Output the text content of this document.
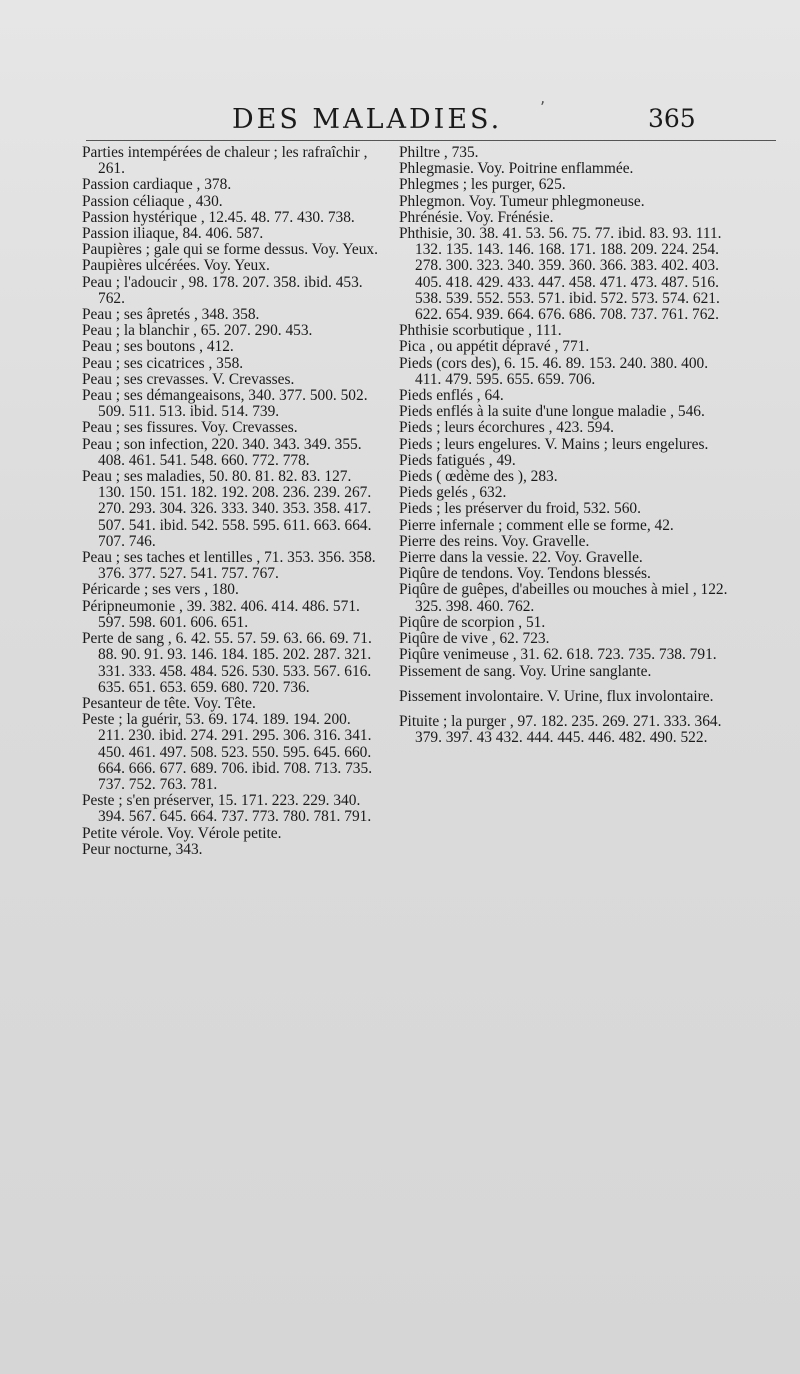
‚
DES MALADIES.	365

Parties intempérées de chaleur ; les rafraîchir , 261.

Passion cardiaque , 378.

Passion céliaque , 430.

Passion hystérique , 12.45. 48. 77. 430. 738.

Passion iliaque, 84. 406. 587.

Paupières ; gale qui se forme dessus. Voy. Yeux.

Paupières ulcérées. Voy. Yeux.

Peau ; l'adoucir , 98. 178. 207. 358. ibid. 453. 762.

Peau ; ses âpretés , 348. 358.

Peau ; la blanchir , 65. 207. 290. 453.

Peau ; ses boutons , 412.

Peau ; ses cicatrices , 358.

Peau ; ses crevasses. V. Crevasses.

Peau ; ses démangeaisons, 340. 377. 500. 502. 509. 511. 513. ibid. 514. 739.

Peau ; ses fissures. Voy. Crevasses.

Peau ; son infection, 220. 340. 343. 349. 355. 408. 461. 541. 548. 660. 772. 778.

Peau ; ses maladies, 50. 80. 81. 82. 83. 127. 130. 150. 151. 182. 192. 208. 236. 239. 267. 270. 293. 304. 326. 333. 340. 353. 358. 417. 507. 541. ibid. 542. 558. 595. 611. 663. 664. 707. 746.

Peau ; ses taches et lentilles , 71. 353. 356. 358. 376. 377. 527. 541. 757. 767.

Péricarde ; ses vers , 180.

Péripneumonie , 39. 382. 406. 414. 486. 571. 597. 598. 601. 606. 651.

Perte de sang , 6. 42. 55. 57. 59. 63. 66. 69. 71. 88. 90. 91. 93. 146. 184. 185. 202. 287. 321. 331. 333. 458. 484. 526. 530. 533. 567. 616. 635. 651. 653. 659. 680. 720. 736.

Pesanteur de tête. Voy. Tête.

Peste ; la guérir, 53. 69. 174. 189. 194. 200. 211. 230. ibid. 274. 291. 295. 306. 316. 341. 450. 461. 497. 508. 523. 550. 595. 645. 660. 664. 666. 677. 689. 706. ibid. 708. 713. 735. 737. 752. 763. 781.

Peste ; s'en préserver, 15. 171. 223. 229. 340. 394. 567. 645. 664. 737. 773. 780. 781. 791.

Petite vérole. Voy. Vérole petite.

Peur nocturne, 343.

Philtre , 735.

Phlegmasie. Voy. Poitrine enflammée.

Phlegmes ; les purger, 625.

Phlegmon. Voy. Tumeur phlegmoneuse.

Phrénésie. Voy. Frénésie.

Phthisie, 30. 38. 41. 53. 56. 75. 77. ibid. 83. 93. 111. 132. 135. 143. 146. 168. 171. 188. 209. 224. 254. 278. 300. 323. 340. 359. 360. 366. 383. 402. 403. 405. 418. 429. 433. 447. 458. 471. 473. 487. 516. 538. 539. 552. 553. 571. ibid. 572. 573. 574. 621. 622. 654. 939. 664. 676. 686. 708. 737. 761. 762.

Phthisie scorbutique , 111.

Pica , ou appétit dépravé , 771.

Pieds (cors des), 6. 15. 46. 89. 153. 240. 380. 400. 411. 479. 595. 655. 659. 706.

Pieds enflés , 64.

Pieds enflés à la suite d'une longue maladie , 546.

Pieds ; leurs écorchures , 423. 594.

Pieds ; leurs engelures. V. Mains ; leurs engelures.

Pieds fatigués , 49.

Pieds ( œdème des ), 283.

Pieds gelés , 632.

Pieds ; les préserver du froid, 532. 560.

Pierre infernale ; comment elle se forme, 42.

Pierre des reins. Voy. Gravelle.

Pierre dans la vessie. 22. Voy. Gravelle.

Piqûre de tendons. Voy. Tendons blessés.

Piqûre de guêpes, d'abeilles ou mouches à miel , 122. 325. 398. 460. 762.

Piqûre de scorpion , 51.

Piqûre de vive , 62. 723.

Piqûre venimeuse , 31. 62. 618. 723. 735. 738. 791.

Pissement de sang. Voy. Urine sanglante.

Pissement involontaire. V. Urine, flux involontaire.

Pituite ; la purger , 97. 182. 235. 269. 271. 333. 364. 379. 397. 43 432. 444. 445. 446. 482. 490. 522.
